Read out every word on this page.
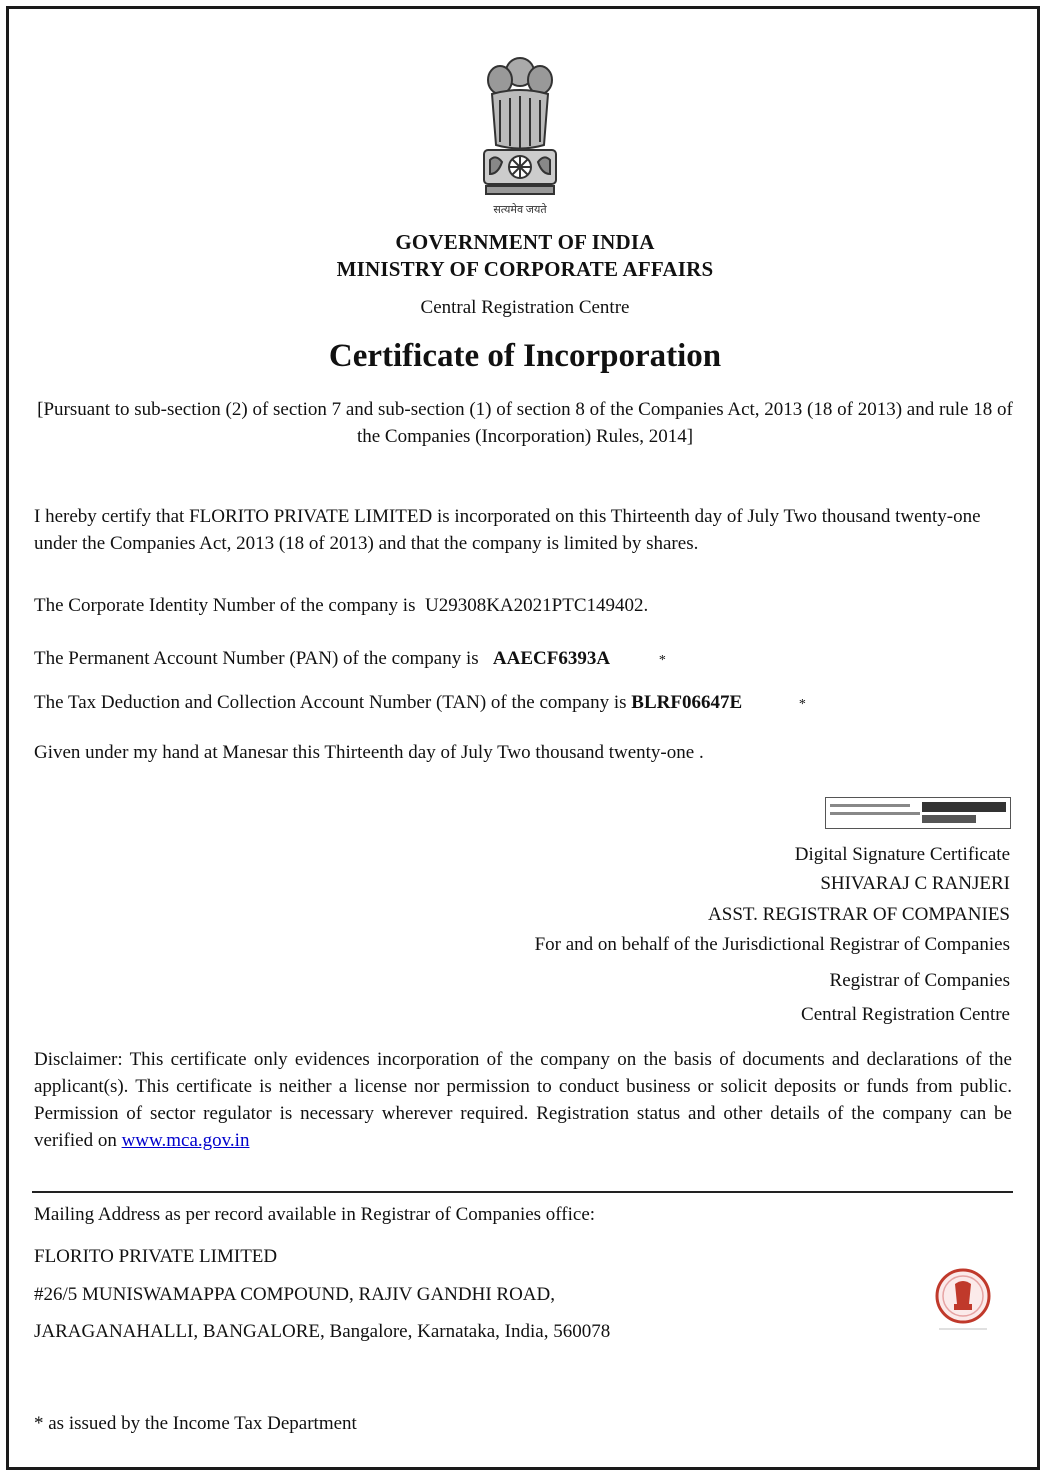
सत्यमेव जयते
GOVERNMENT OF INDIA
MINISTRY OF CORPORATE AFFAIRS
Central Registration Centre
Certificate of Incorporation
[Pursuant to sub-section (2) of section 7 and sub-section (1) of section 8 of the Companies Act, 2013 (18 of 2013) and rule 18 of the Companies (Incorporation) Rules, 2014]
I hereby certify that FLORITO PRIVATE LIMITED is incorporated on this Thirteenth day of July Two thousand twenty-one under the Companies Act, 2013 (18 of 2013) and that the company is limited by shares.
The Corporate Identity Number of the company is U29308KA2021PTC149402.
The Permanent Account Number (PAN) of the company is AAECF6393A	*
The Tax Deduction and Collection Account Number (TAN) of the company is BLRF06647E	*
Given under my hand at Manesar this Thirteenth day of July Two thousand twenty-one .
Digital Signature Certificate
SHIVARAJ C RANJERI
ASST. REGISTRAR OF COMPANIES
For and on behalf of the Jurisdictional Registrar of Companies
Registrar of Companies
Central Registration Centre
Disclaimer: This certificate only evidences incorporation of the company on the basis of documents and declarations of the applicant(s). This certificate is neither a license nor permission to conduct business or solicit deposits or funds from public. Permission of sector regulator is necessary wherever required. Registration status and other details of the company can be verified on www.mca.gov.in
Mailing Address as per record available in Registrar of Companies office:
FLORITO PRIVATE LIMITED
#26/5 MUNISWAMAPPA COMPOUND, RAJIV GANDHI ROAD,
JARAGANAHALLI, BANGALORE, Bangalore, Karnataka, India, 560078
* as issued by the Income Tax Department
